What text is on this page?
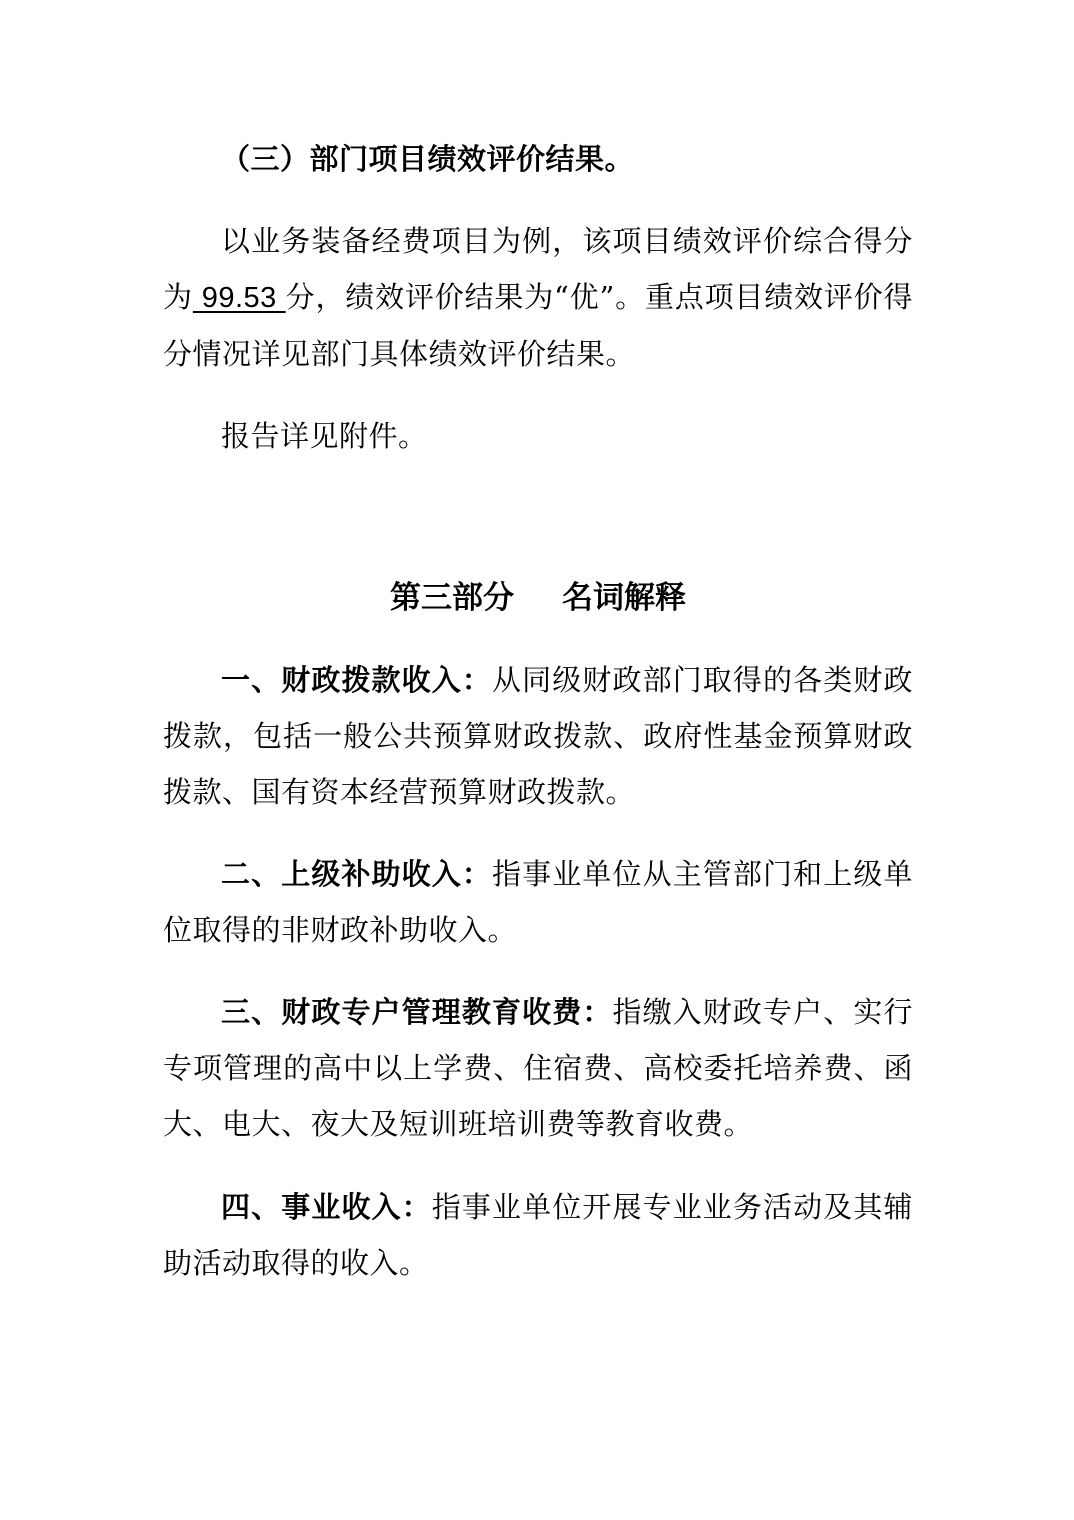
（三）部门项目绩效评价结果。

以业务装备经费项目为例，该项目绩效评价综合得分为 99.53 分，绩效评价结果为“优”。重点项目绩效评价得分情况详见部门具体绩效评价结果。

报告详见附件。

第三部分 名词解释

一、财政拨款收入：从同级财政部门取得的各类财政拨款，包括一般公共预算财政拨款、政府性基金预算财政拨款、国有资本经营预算财政拨款。

二、上级补助收入：指事业单位从主管部门和上级单位取得的非财政补助收入。

三、财政专户管理教育收费：指缴入财政专户、实行专项管理的高中以上学费、住宿费、高校委托培养费、函大、电大、夜大及短训班培训费等教育收费。

四、事业收入：指事业单位开展专业业务活动及其辅助活动取得的收入。
